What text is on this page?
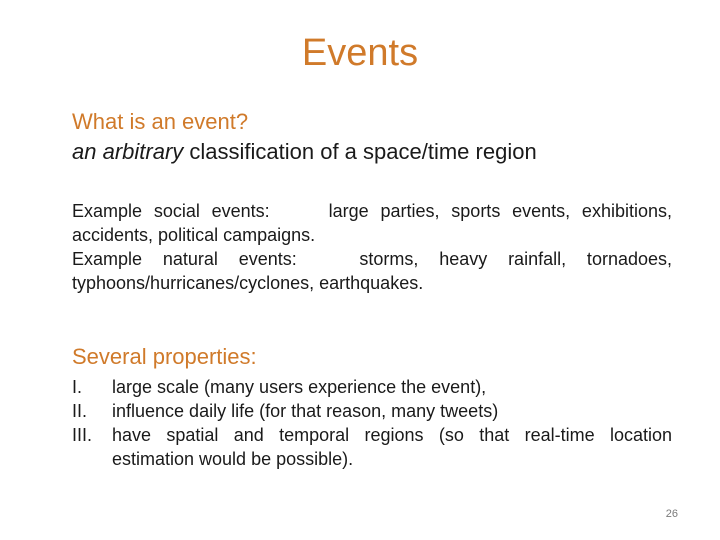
Events
What is an event?
an arbitrary classification of a space/time region

Example social events:	large parties, sports events, exhibitions, accidents, political campaigns.

Example natural events:	storms, heavy rainfall, tornadoes, typhoons/hurricanes/cyclones, earthquakes.

Several properties:
I.	large scale (many users experience the event),
II.	influence daily life (for that reason, many tweets)
III.	have spatial and temporal regions (so that real-time location estimation would be possible).
26
